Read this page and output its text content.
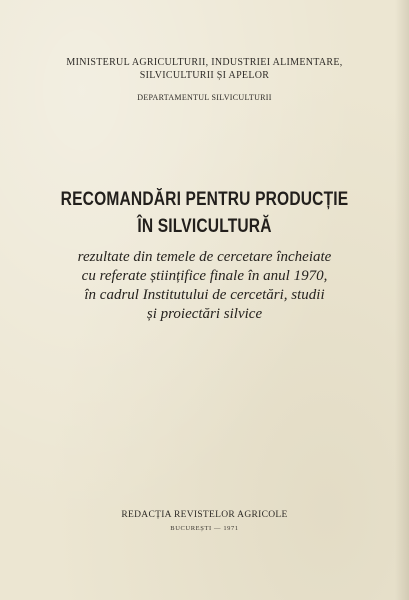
MINISTERUL AGRICULTURII, INDUSTRIEI ALIMENTARE,
SILVICULTURII ȘI APELOR
DEPARTAMENTUL SILVICULTURII
RECOMANDĂRI PENTRU PRODUCȚIE
ÎN SILVICULTURĂ
rezultate din temele de cercetare încheiate
cu referate științifice finale în anul 1970,
în cadrul Institutului de cercetări, studii
și proiectări silvice
REDACȚIA REVISTELOR AGRICOLE
BUCUREȘTI — 1971
